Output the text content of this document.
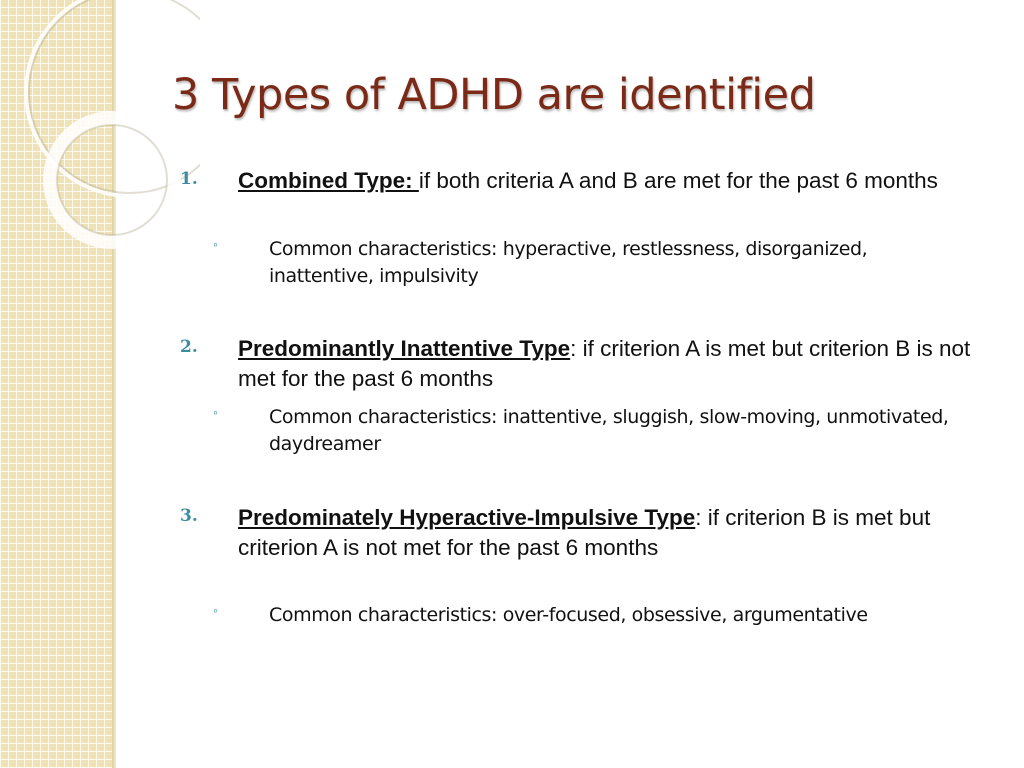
3 Types of ADHD are identified
1.	Combined Type: if both criteria A and B are met for the past 6 months
◦	Common characteristics: hyperactive, restlessness, disorganized, inattentive, impulsivity
2.	Predominantly Inattentive Type: if criterion A is met but criterion B is not met for the past 6 months
◦	Common characteristics: inattentive, sluggish, slow-moving, unmotivated, daydreamer
3.	Predominately Hyperactive-Impulsive Type: if criterion B is met but criterion A is not met for the past 6 months
◦	Common characteristics: over-focused, obsessive, argumentative
